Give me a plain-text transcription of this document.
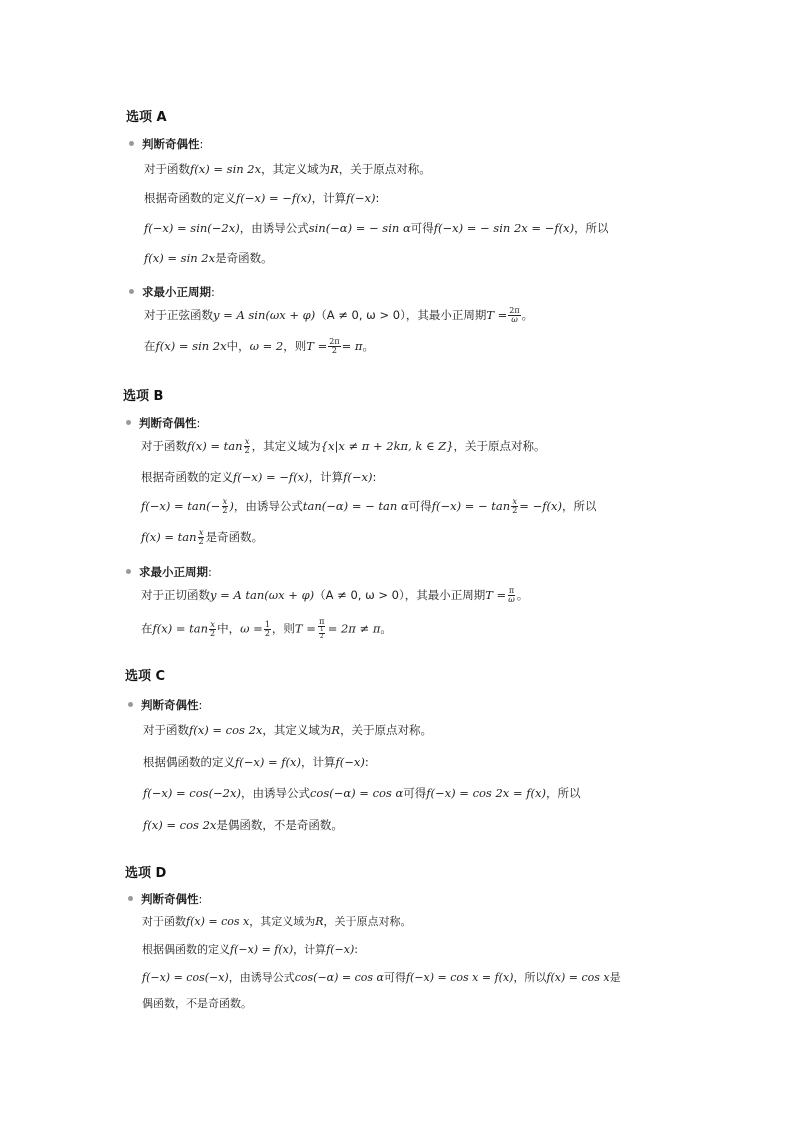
选项 A
判断奇偶性:
对于函数f(x) = sin 2x，其定义域为R，关于原点对称。
根据奇函数的定义f(−x) = −f(x)，计算f(−x):
f(−x) = sin(−2x)，由诱导公式sin(−α) = − sin α可得f(−x) = − sin 2x = −f(x)，所以
f(x) = sin 2x是奇函数。
求最小正周期:
对于正弦函数y = A sin(ωx + φ)（A ≠ 0, ω > 0），其最小正周期$T = \frac{2\pi}{\omega}$ 。
在f(x) = sin 2x中，ω = 2，则$T = \frac{2\pi}{2} = \pi$。
选项 B
判断奇偶性:
对于函数$f(x) = \tan \frac{x}{2}$ ，其定义域为{x|x ≠ π + 2kπ, k ∈ Z}，关于原点对称。
根据奇函数的定义f(−x) = −f(x)，计算f(−x):
$f(-x) = \tan(- \frac{x}{2}$ )，由诱导公式tan(−α) = − tan α可得f(−x) = − $\tan \frac{x}{2} = -f(x)$，所以
$f(x) = \tan \frac{x}{2}$ 是奇函数。
求最小正周期:
对于正切函数y = A tan(ωx + φ)（A ≠ 0, ω > 0），其最小正周期$T = \frac{\pi}{\omega}$ 。
在$f(x) = \tan \frac{x}{2}$ 中，$\omega = \frac{1}{2}$ ，则$T = \frac{\pi}{\frac{1}{2}} = 2\pi \ne \pi$。
选项 C
判断奇偶性:
对于函数f(x) = cos 2x，其定义域为R，关于原点对称。
根据偶函数的定义f(−x) = f(x)，计算f(−x):
f(−x) = cos(−2x)，由诱导公式cos(−α) = cos α可得f(−x) = cos 2x = f(x)，所以
f(x) = cos 2x是偶函数，不是奇函数。
选项 D
判断奇偶性:
对于函数f(x) = cos x，其定义域为R，关于原点对称。
根据偶函数的定义f(−x) = f(x)，计算f(−x):
f(−x) = cos(−x)，由诱导公式cos(−α) = cos α可得f(−x) = cos x = f(x)，所以f(x) = cos x是
偶函数，不是奇函数。
